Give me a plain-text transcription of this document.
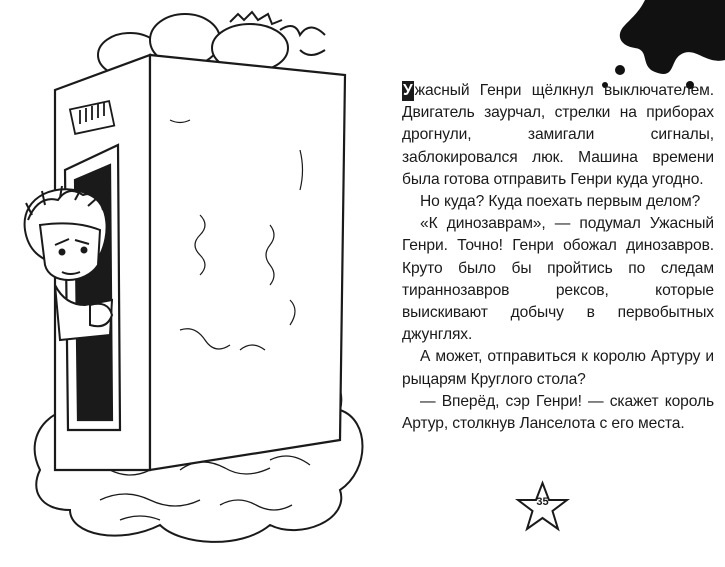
У жасный Генри щёлкнул выключателем. Двигатель заурчал, стрелки на приборах дрогнули, замигали сигналы, заблокировался люк. Машина времени была готова отправить Генри куда угодно.

Но куда? Куда поехать первым делом?

«К динозаврам», — подумал Ужасный Генри. Точно! Генри обожал динозавров. Круто было бы пройтись по следам тираннозавров рексов, которые выискивают добычу в первобытных джунглях.

А может, отправиться к королю Артуру и рыцарям Круглого стола?

— Вперёд, сэр Генри! — скажет король Артур, столкнув Ланселота с его места.

35
